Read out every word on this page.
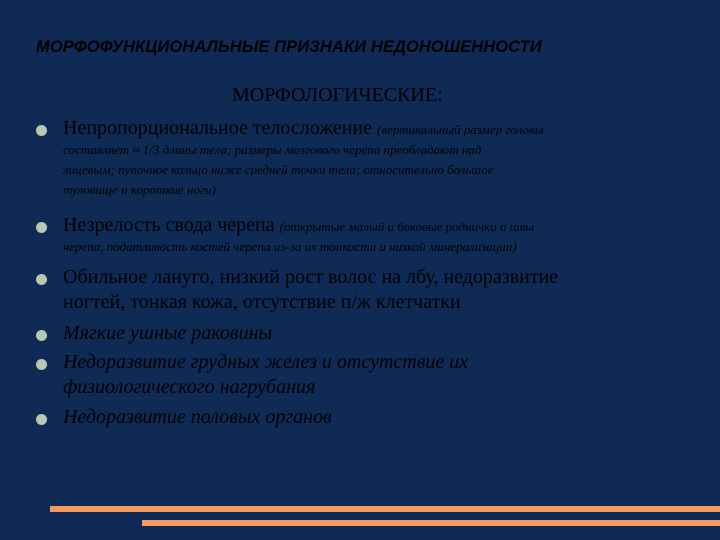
МОРФОФУНКЦИОНАЛЬНЫЕ ПРИЗНАКИ НЕДОНОШЕННОСТИ
МОРФОЛОГИЧЕСКИЕ:
Непропорциональное телосложение (вертикальный размер головы
составляет ≈ 1/3 длины тела; размеры мозгового черепа преобладают над
лицевым; пупочное кольцо ниже средней точки тела; относительно большое
туловище и короткие ноги)
Незрелость свода черепа (открытые малый и боковые роднички и швы
черепа, податливость костей черепа из-за их тонкости и низкой минерализации)
Обильное лануго, низкий рост волос на лбу, недоразвитие
ногтей, тонкая кожа, отсутствие п/ж клетчатки
Мягкие ушные раковины
Недоразвитие грудных желез и отсутствие их
физиологического нагрубания
Недоразвитие половых органов
